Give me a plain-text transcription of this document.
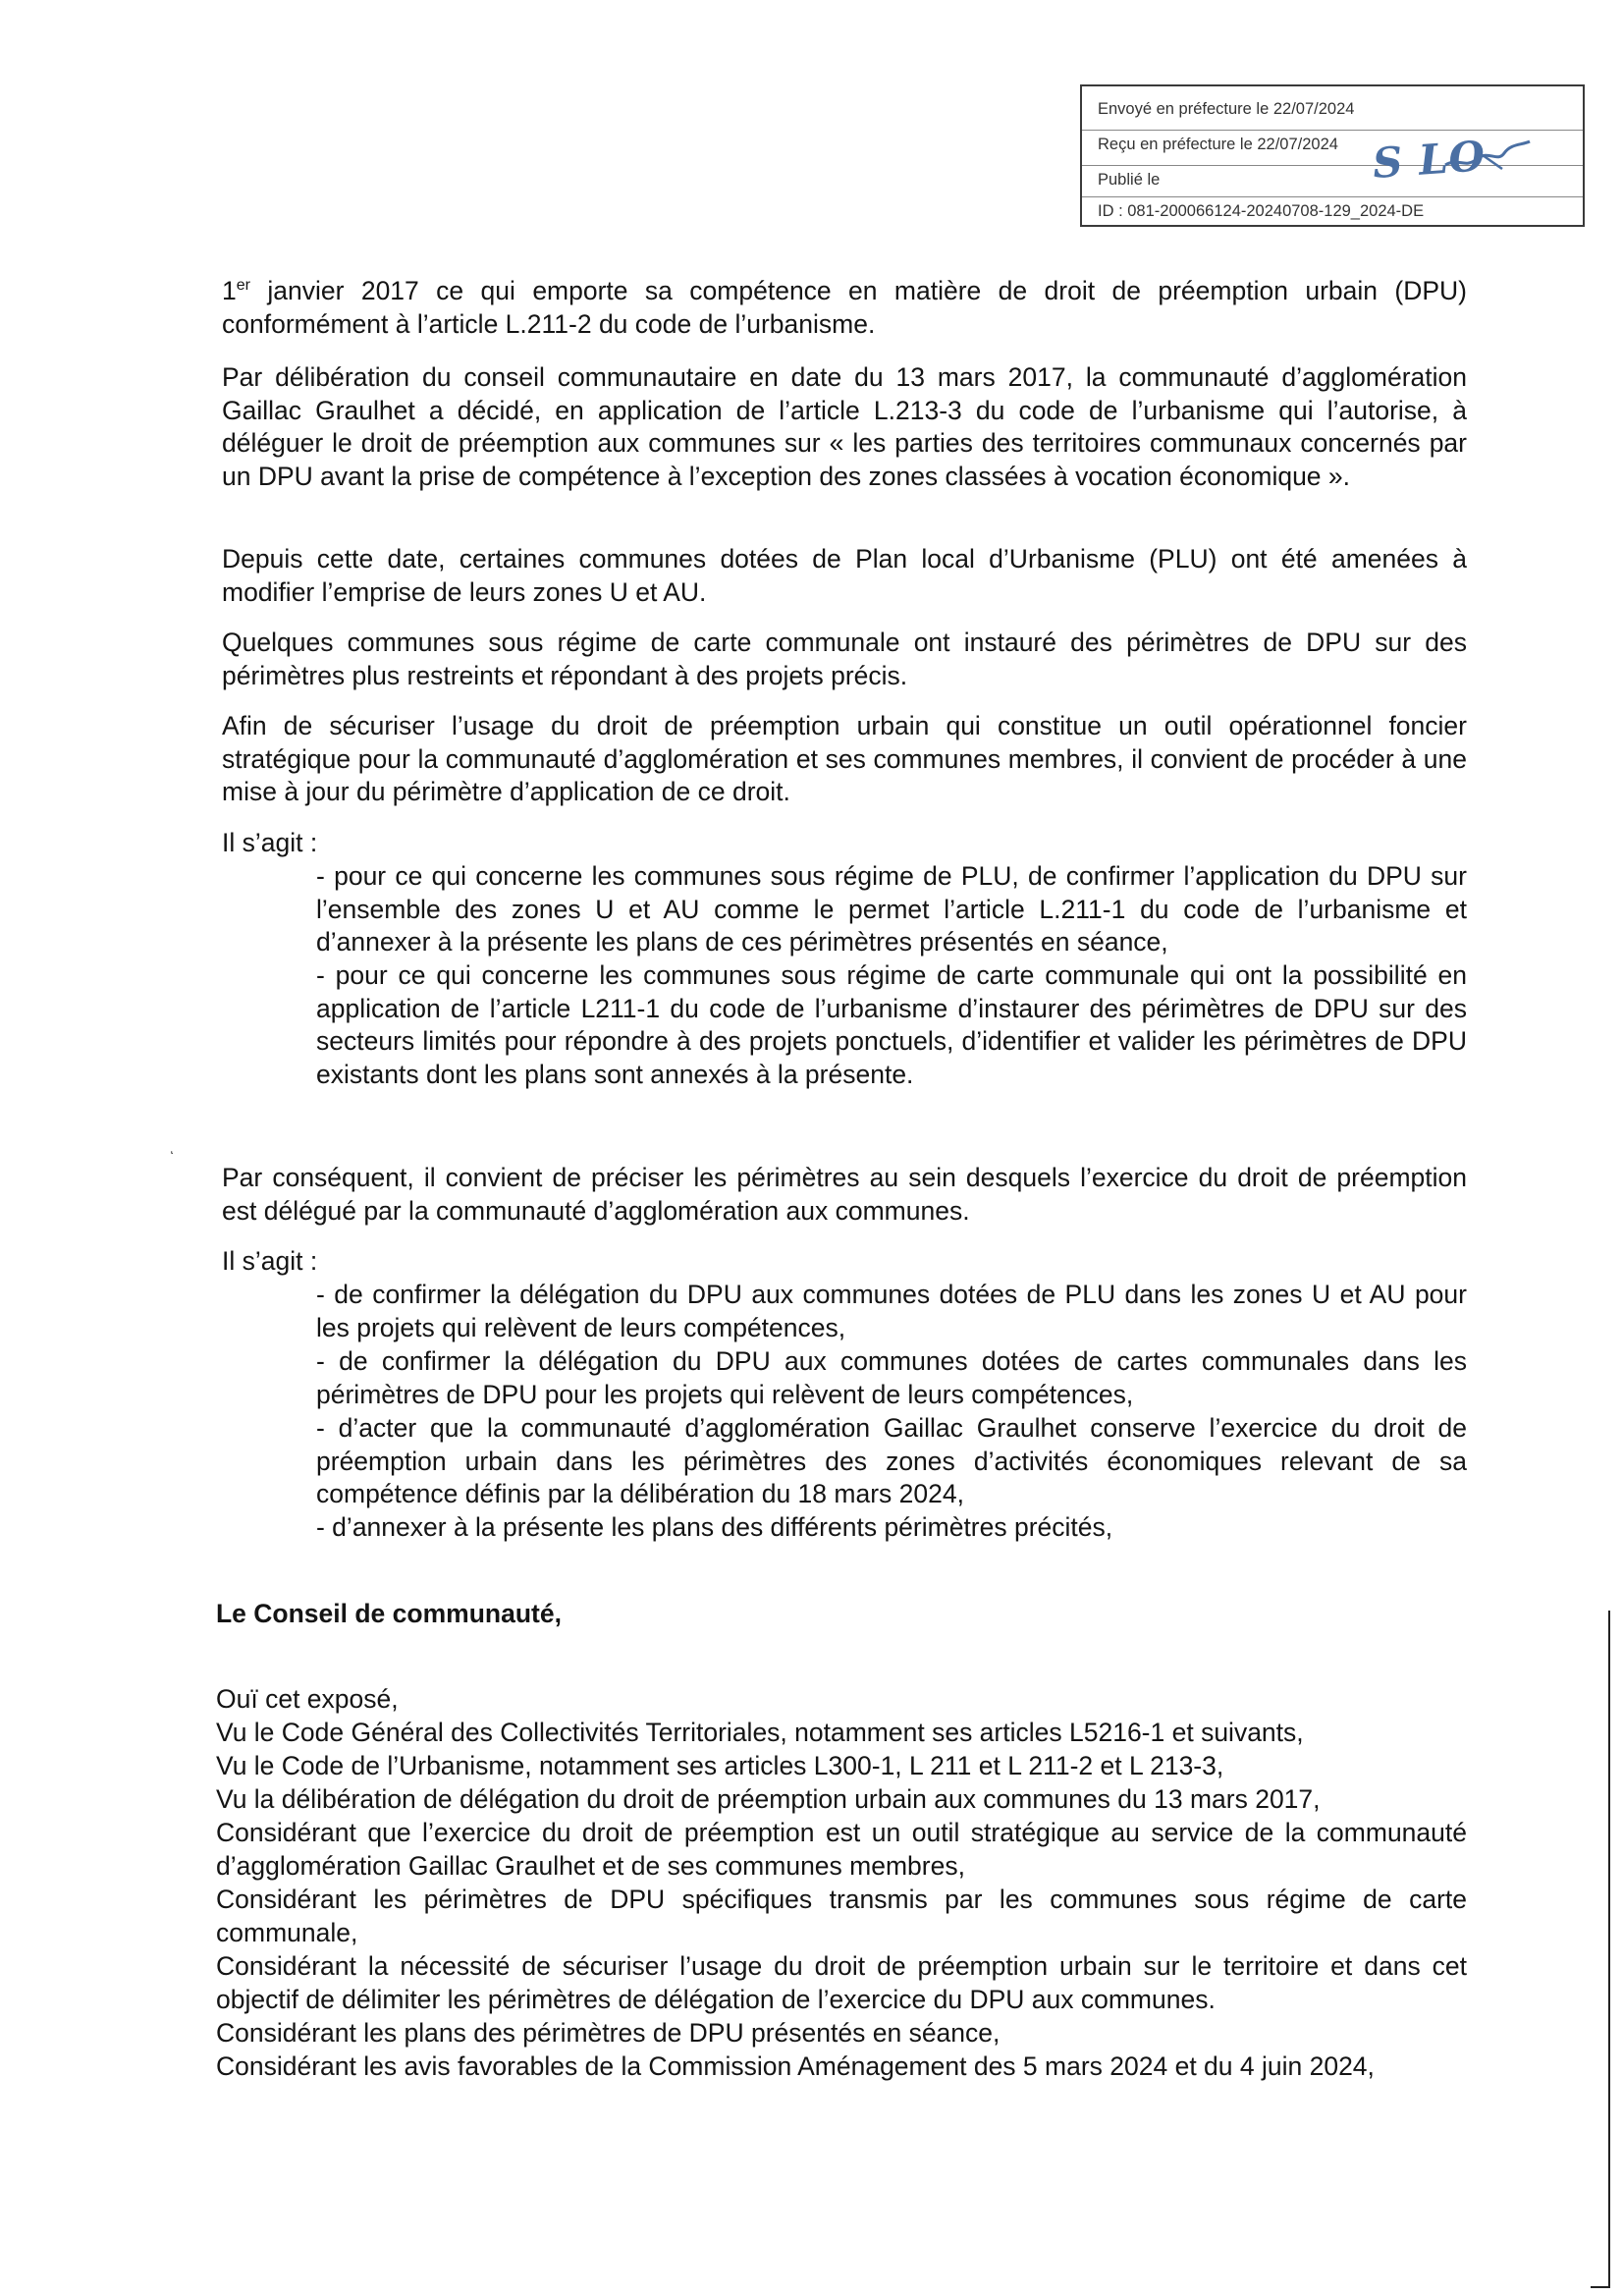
Envoyé en préfecture le 22/07/2024
Reçu en préfecture le 22/07/2024
Publié le
ID : 081-200066124-20240708-129_2024-DE
S LO
1er janvier 2017 ce qui emporte sa compétence en matière de droit de préemption urbain (DPU) conformément à l’article L.211-2 du code de l’urbanisme.
Par délibération du conseil communautaire en date du 13 mars 2017, la communauté d’agglomération Gaillac Graulhet a décidé, en application de l’article L.213-3 du code de l’urbanisme qui l’autorise, à déléguer le droit de préemption aux communes sur « les parties des territoires communaux concernés par un DPU avant la prise de compétence à l’exception des zones classées à vocation économique ».
Depuis cette date, certaines communes dotées de Plan local d’Urbanisme (PLU) ont été amenées à modifier l’emprise de leurs zones U et AU.
Quelques communes sous régime de carte communale ont instauré des périmètres de DPU sur des périmètres plus restreints et répondant à des projets précis.
Afin de sécuriser l’usage du droit de préemption urbain qui constitue un outil opérationnel foncier stratégique pour la communauté d’agglomération et ses communes membres, il convient de procéder à une mise à jour du périmètre d’application de ce droit.
Il s’agit :
- pour ce qui concerne les communes sous régime de PLU, de confirmer l’application du DPU sur l’ensemble des zones U et AU comme le permet l’article L.211-1 du code de l’urbanisme et d’annexer à la présente les plans de ces périmètres présentés en séance,
- pour ce qui concerne les communes sous régime de carte communale qui ont la possibilité en application de l’article L211-1 du code de l’urbanisme d’instaurer des périmètres de DPU sur des secteurs limités pour répondre à des projets ponctuels, d’identifier et valider les périmètres de DPU existants dont les plans sont annexés à la présente.
ͺ
Par conséquent, il convient de préciser les périmètres au sein desquels l’exercice du droit de préemption est délégué par la communauté d’agglomération aux communes.
Il s’agit :
- de confirmer la délégation du DPU aux communes dotées de PLU dans les zones U et AU pour les projets qui relèvent de leurs compétences,
- de confirmer la délégation du DPU aux communes dotées de cartes communales dans les périmètres de DPU pour les projets qui relèvent de leurs compétences,
- d’acter que la communauté d’agglomération Gaillac Graulhet conserve l’exercice du droit de préemption urbain dans les périmètres des zones d’activités économiques relevant de sa compétence définis par la délibération du 18 mars 2024,
- d’annexer à la présente les plans des différents périmètres précités,
Le Conseil de communauté,
Ouï cet exposé,
Vu le Code Général des Collectivités Territoriales, notamment ses articles L5216-1 et suivants,
Vu le Code de l’Urbanisme, notamment ses articles L300-1, L 211 et L 211-2 et L 213-3,
Vu la délibération de délégation du droit de préemption urbain aux communes du 13 mars 2017,
Considérant que l’exercice du droit de préemption est un outil stratégique au service de la communauté d’agglomération Gaillac Graulhet et de ses communes membres,
Considérant les périmètres de DPU spécifiques transmis par les communes sous régime de carte communale,
Considérant la nécessité de sécuriser l’usage du droit de préemption urbain sur le territoire et dans cet objectif de délimiter les périmètres de délégation de l’exercice du DPU aux communes.
Considérant les plans des périmètres de DPU présentés en séance,
Considérant les avis favorables de la Commission Aménagement des 5 mars 2024 et du 4 juin 2024,
